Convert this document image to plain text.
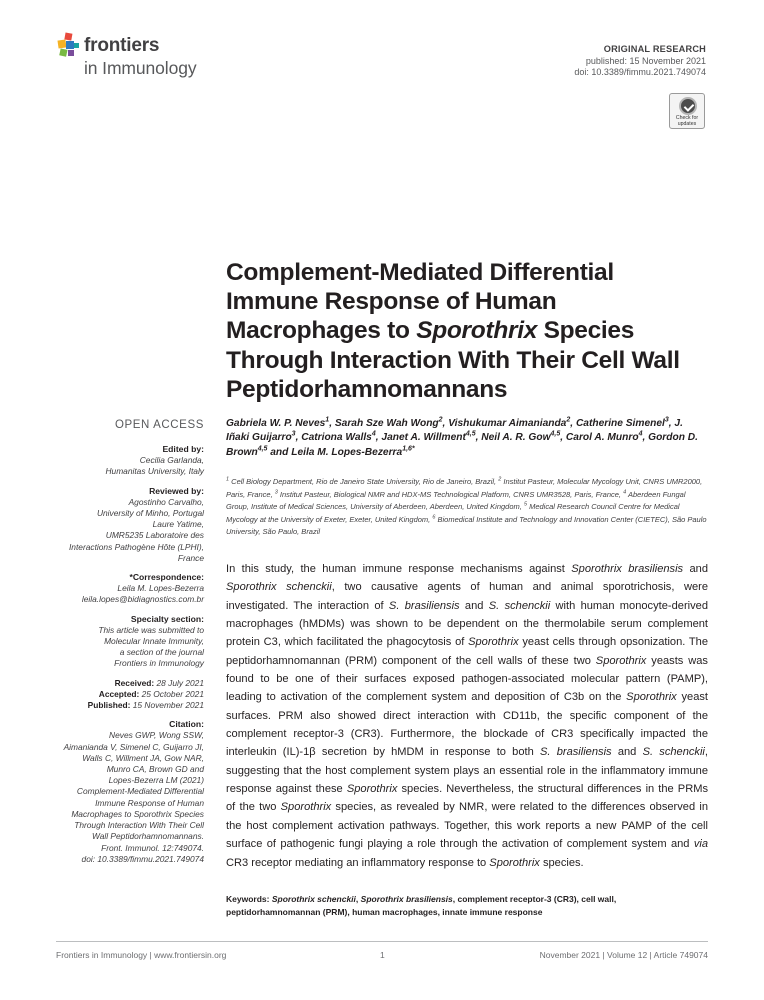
frontiers
in Immunology
ORIGINAL RESEARCH
published: 15 November 2021
doi: 10.3389/fimmu.2021.749074
Check for
updates
Complement-Mediated Differential Immune Response of Human Macrophages to Sporothrix Species Through Interaction With Their Cell Wall Peptidorhamnomannans
OPEN ACCESS
Edited by:
Cecilia Garlanda,
Humanitas University, Italy
Reviewed by:
Agostinho Carvalho,
University of Minho, Portugal
Laure Yatime,
UMR5235 Laboratoire des
Interactions Pathogène Hôte (LPHI),
France
*Correspondence:
Leila M. Lopes-Bezerra
leila.lopes@bidiagnostics.com.br
Specialty section:
This article was submitted to
Molecular Innate Immunity,
a section of the journal
Frontiers in Immunology
Received: 28 July 2021
Accepted: 25 October 2021
Published: 15 November 2021
Citation:
Neves GWP, Wong SSW,
Aimanianda V, Simenel C, Guijarro JI,
Walls C, Willment JA, Gow NAR,
Munro CA, Brown GD and
Lopes-Bezerra LM (2021)
Complement-Mediated Differential
Immune Response of Human
Macrophages to Sporothrix Species
Through Interaction With Their Cell
Wall Peptidorhamnomannans.
Front. Immunol. 12:749074.
doi: 10.3389/fimmu.2021.749074
Gabriela W. P. Neves$^1$, Sarah Sze Wah Wong$^2$, Vishukumar Aimanianda$^2$, Catherine Simenel$^3$, J. Iñaki Guijarro$^3$, Catriona Walls$^4$, Janet A. Willment$^{4,5}$, Neil A. R. Gow$^{4,5}$, Carol A. Munro$^4$, Gordon D. Brown$^{4,5}$ and Leila M. Lopes-Bezerra$^{1,6*}$
$^1$ Cell Biology Department, Rio de Janeiro State University, Rio de Janeiro, Brazil, $^2$ Institut Pasteur, Molecular Mycology Unit, CNRS UMR2000, Paris, France, $^3$ Institut Pasteur, Biological NMR and HDX-MS Technological Platform, CNRS UMR3528, Paris, France, $^4$ Aberdeen Fungal Group, Institute of Medical Sciences, University of Aberdeen, Aberdeen, United Kingdom, $^5$ Medical Research Council Centre for Medical Mycology at the University of Exeter, Exeter, United Kingdom, $^6$ Biomedical Institute and Technology and Innovation Center (CIETEC), São Paulo University, São Paulo, Brazil
In this study, the human immune response mechanisms against Sporothrix brasiliensis and Sporothrix schenckii, two causative agents of human and animal sporotrichosis, were investigated. The interaction of S. brasiliensis and S. schenckii with human monocyte-derived macrophages (hMDMs) was shown to be dependent on the thermolabile serum complement protein C3, which facilitated the phagocytosis of Sporothrix yeast cells through opsonization. The peptidorhamnomannan (PRM) component of the cell walls of these two Sporothrix yeasts was found to be one of their surfaces exposed pathogen-associated molecular pattern (PAMP), leading to activation of the complement system and deposition of C3b on the Sporothrix yeast surfaces. PRM also showed direct interaction with CD11b, the specific component of the complement receptor-3 (CR3). Furthermore, the blockade of CR3 specifically impacted the interleukin (IL)-1β secretion by hMDM in response to both S. brasiliensis and S. schenckii, suggesting that the host complement system plays an essential role in the inflammatory immune response against these Sporothrix species. Nevertheless, the structural differences in the PRMs of the two Sporothrix species, as revealed by NMR, were related to the differences observed in the host complement activation pathways. Together, this work reports a new PAMP of the cell surface of pathogenic fungi playing a role through the activation of complement system and via CR3 receptor mediating an inflammatory response to Sporothrix species.
Keywords: Sporothrix schenckii, Sporothrix brasiliensis, complement receptor-3 (CR3), cell wall, peptidorhamnomannan (PRM), human macrophages, innate immune response
Frontiers in Immunology | www.frontiersin.org	1	November 2021 | Volume 12 | Article 749074
